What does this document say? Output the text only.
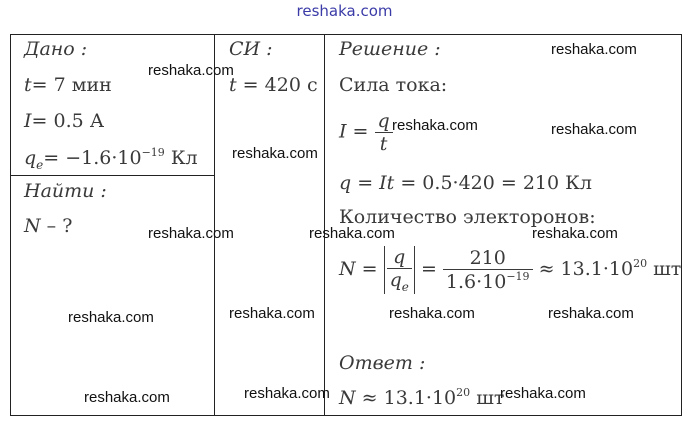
reshaka.com
Дано :
t= 7 мин
I= 0.5 А
$q_e= -1.6\cdot 10^{-19}$ Кл
Найти :
N – ?
СИ :
t = 420 с
Решение :
Сила тока:
$I = \frac{q}{t}$
q = It = 0.5·420 = 210 Кл
Количество электоронов:
$N = \frac{q}{q_e} = \frac{210}{1.6\cdot 10^{-19}} \approx 13.1\cdot 10^{20}$ шт
Ответ :
$N \approx 13.1\cdot 10^{20}$ шт
reshaka.com
reshaka.com
reshaka.com	reshaka.com
reshaka.com
reshaka.com	reshaka.com	reshaka.com
reshaka.com	reshaka.com	reshaka.com	reshaka.com
reshaka.com	reshaka.com	reshaka.com
